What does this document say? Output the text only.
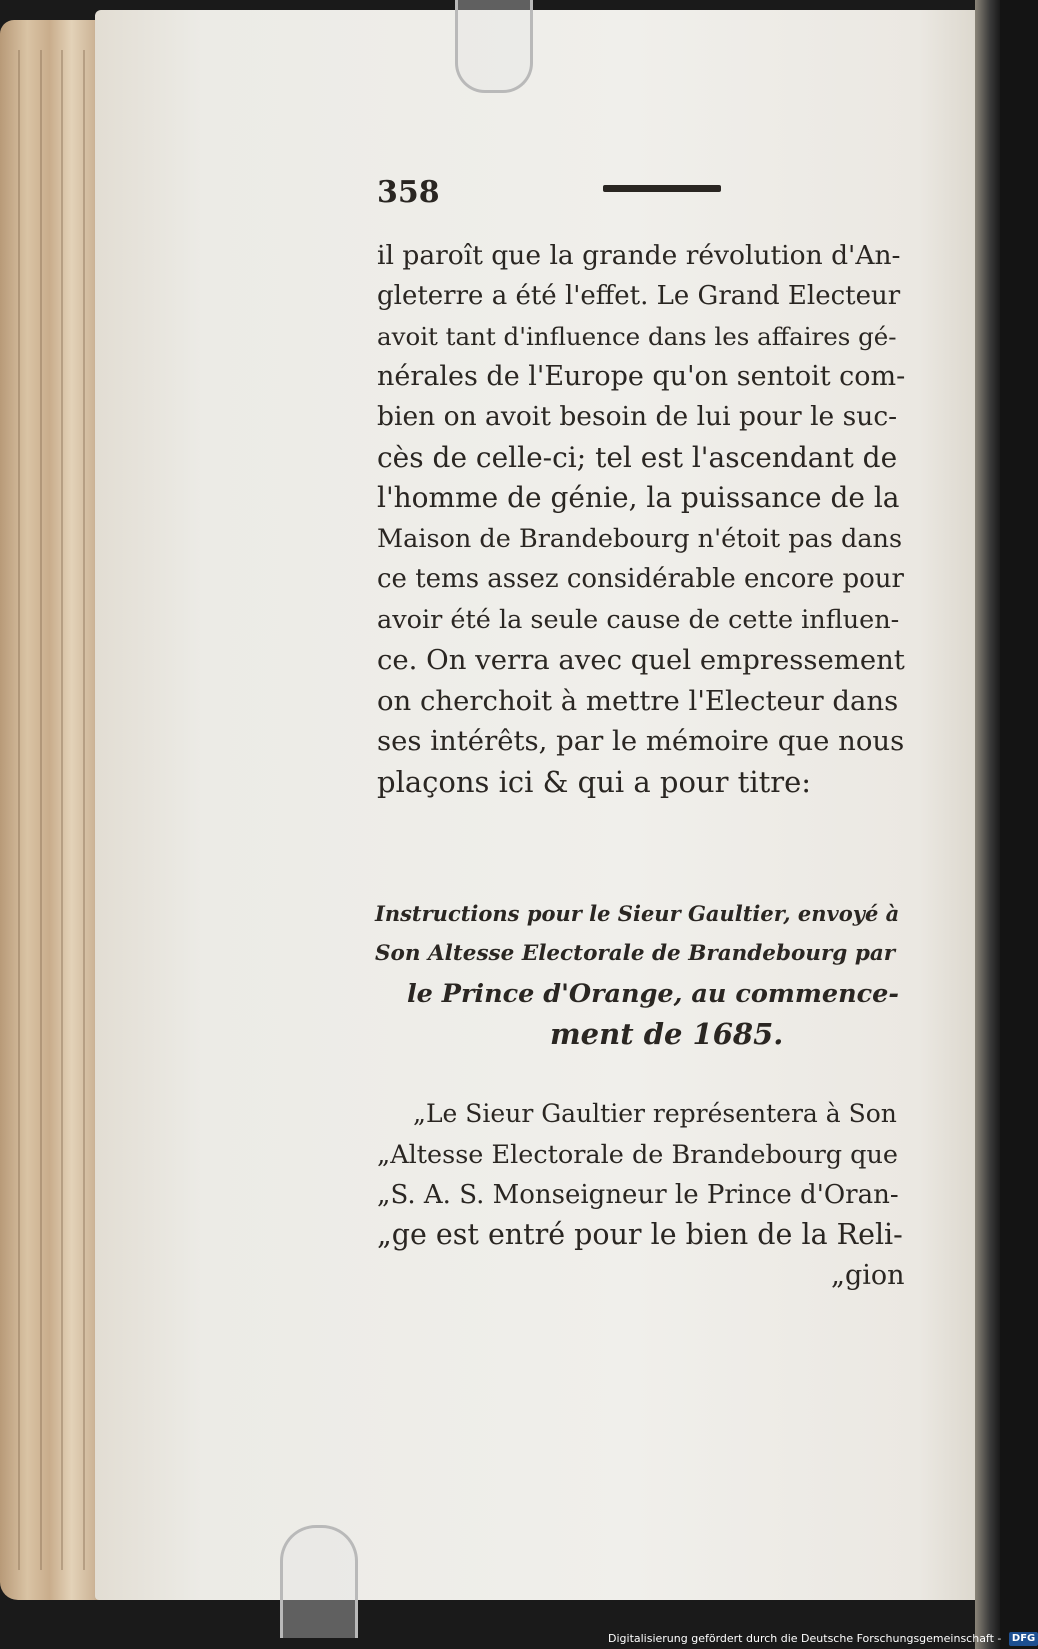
358
il paroît que la grande révolution d'An-
gleterre a été l'effet. Le Grand Electeur
avoit tant d'influence dans les affaires gé-
nérales de l'Europe qu'on sentoit com-
bien on avoit besoin de lui pour le suc-
cès de celle-ci; tel est l'ascendant de
l'homme de génie, la puissance de la
Maison de Brandebourg n'étoit pas dans
ce tems assez considérable encore pour
avoir été la seule cause de cette influen-
ce. On verra avec quel empressement
on cherchoit à mettre l'Electeur dans
ses intérêts, par le mémoire que nous
plaçons ici & qui a pour titre:
Instructions pour le Sieur Gaultier, envoyé à
Son Altesse Electorale de Brandebourg par
le Prince d'Orange, au commence-
ment de 1685.
„Le Sieur Gaultier représentera à Son
„Altesse Electorale de Brandebourg que
„S. A. S. Monseigneur le Prince d'Oran-
„ge est entré pour le bien de la Reli-
„gion
Digitalisierung gefördert durch die Deutsche Forschungsgemeinschaft - DFG
